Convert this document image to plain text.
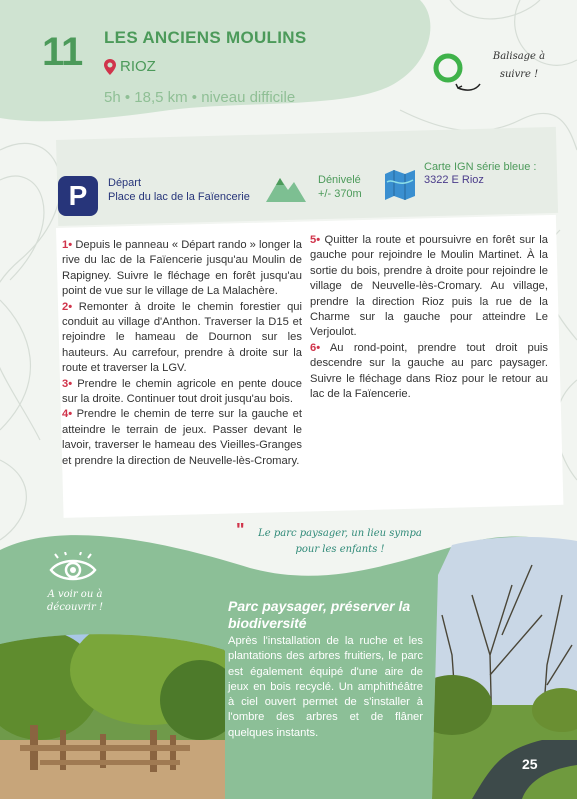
11 LES ANCIENS MOULINS
RIOZ
5h • 18,5 km • niveau difficile
Balisage à suivre !
P	Départ
Place du lac de la Faïencerie
Dénivelé
+/- 370m
Carte IGN série bleue :
3322 E Rioz
1• Depuis le panneau « Départ rando » longer la rive du lac de la Faïencerie jusqu'au Moulin de Rapigney. Suivre le fléchage en forêt jusqu'au point de vue sur le village de La Malachère.
2• Remonter à droite le chemin forestier qui conduit au village d'Anthon. Traverser la D15 et rejoindre le hameau de Dournon sur les hauteurs. Au carrefour, prendre à droite sur la route et traverser la LGV.
3• Prendre le chemin agricole en pente douce sur la droite. Continuer tout droit jusqu'au bois.
4• Prendre le chemin de terre sur la gauche et atteindre le terrain de jeux. Passer devant le lavoir, traverser le hameau des Vieilles-Granges et prendre la direction de Neuvelle-lès-Cromary.
5• Quitter la route et poursuivre en forêt sur la gauche pour rejoindre le Moulin Martinet. À la sortie du bois, prendre à droite pour rejoindre le village de Neuvelle-lès-Cromary. Au village, prendre la direction Rioz puis la rue de la Charme sur la gauche pour atteindre Le Verjoulot.
6• Au rond-point, prendre tout droit puis descendre sur la gauche au parc paysager. Suivre le fléchage dans Rioz pour le retour au lac de la Faïencerie.
"	Le parc paysager, un lieu sympa pour les enfants !
A voir ou à découvrir !	Parc paysager, préserver la biodiversité
Après l'installation de la ruche et les plantations des arbres fruitiers, le parc est également équipé d'une aire de jeux en bois recyclé. Un amphithéâtre à ciel ouvert permet de s'installer à l'ombre des arbres et de flâner quelques instants.
25
